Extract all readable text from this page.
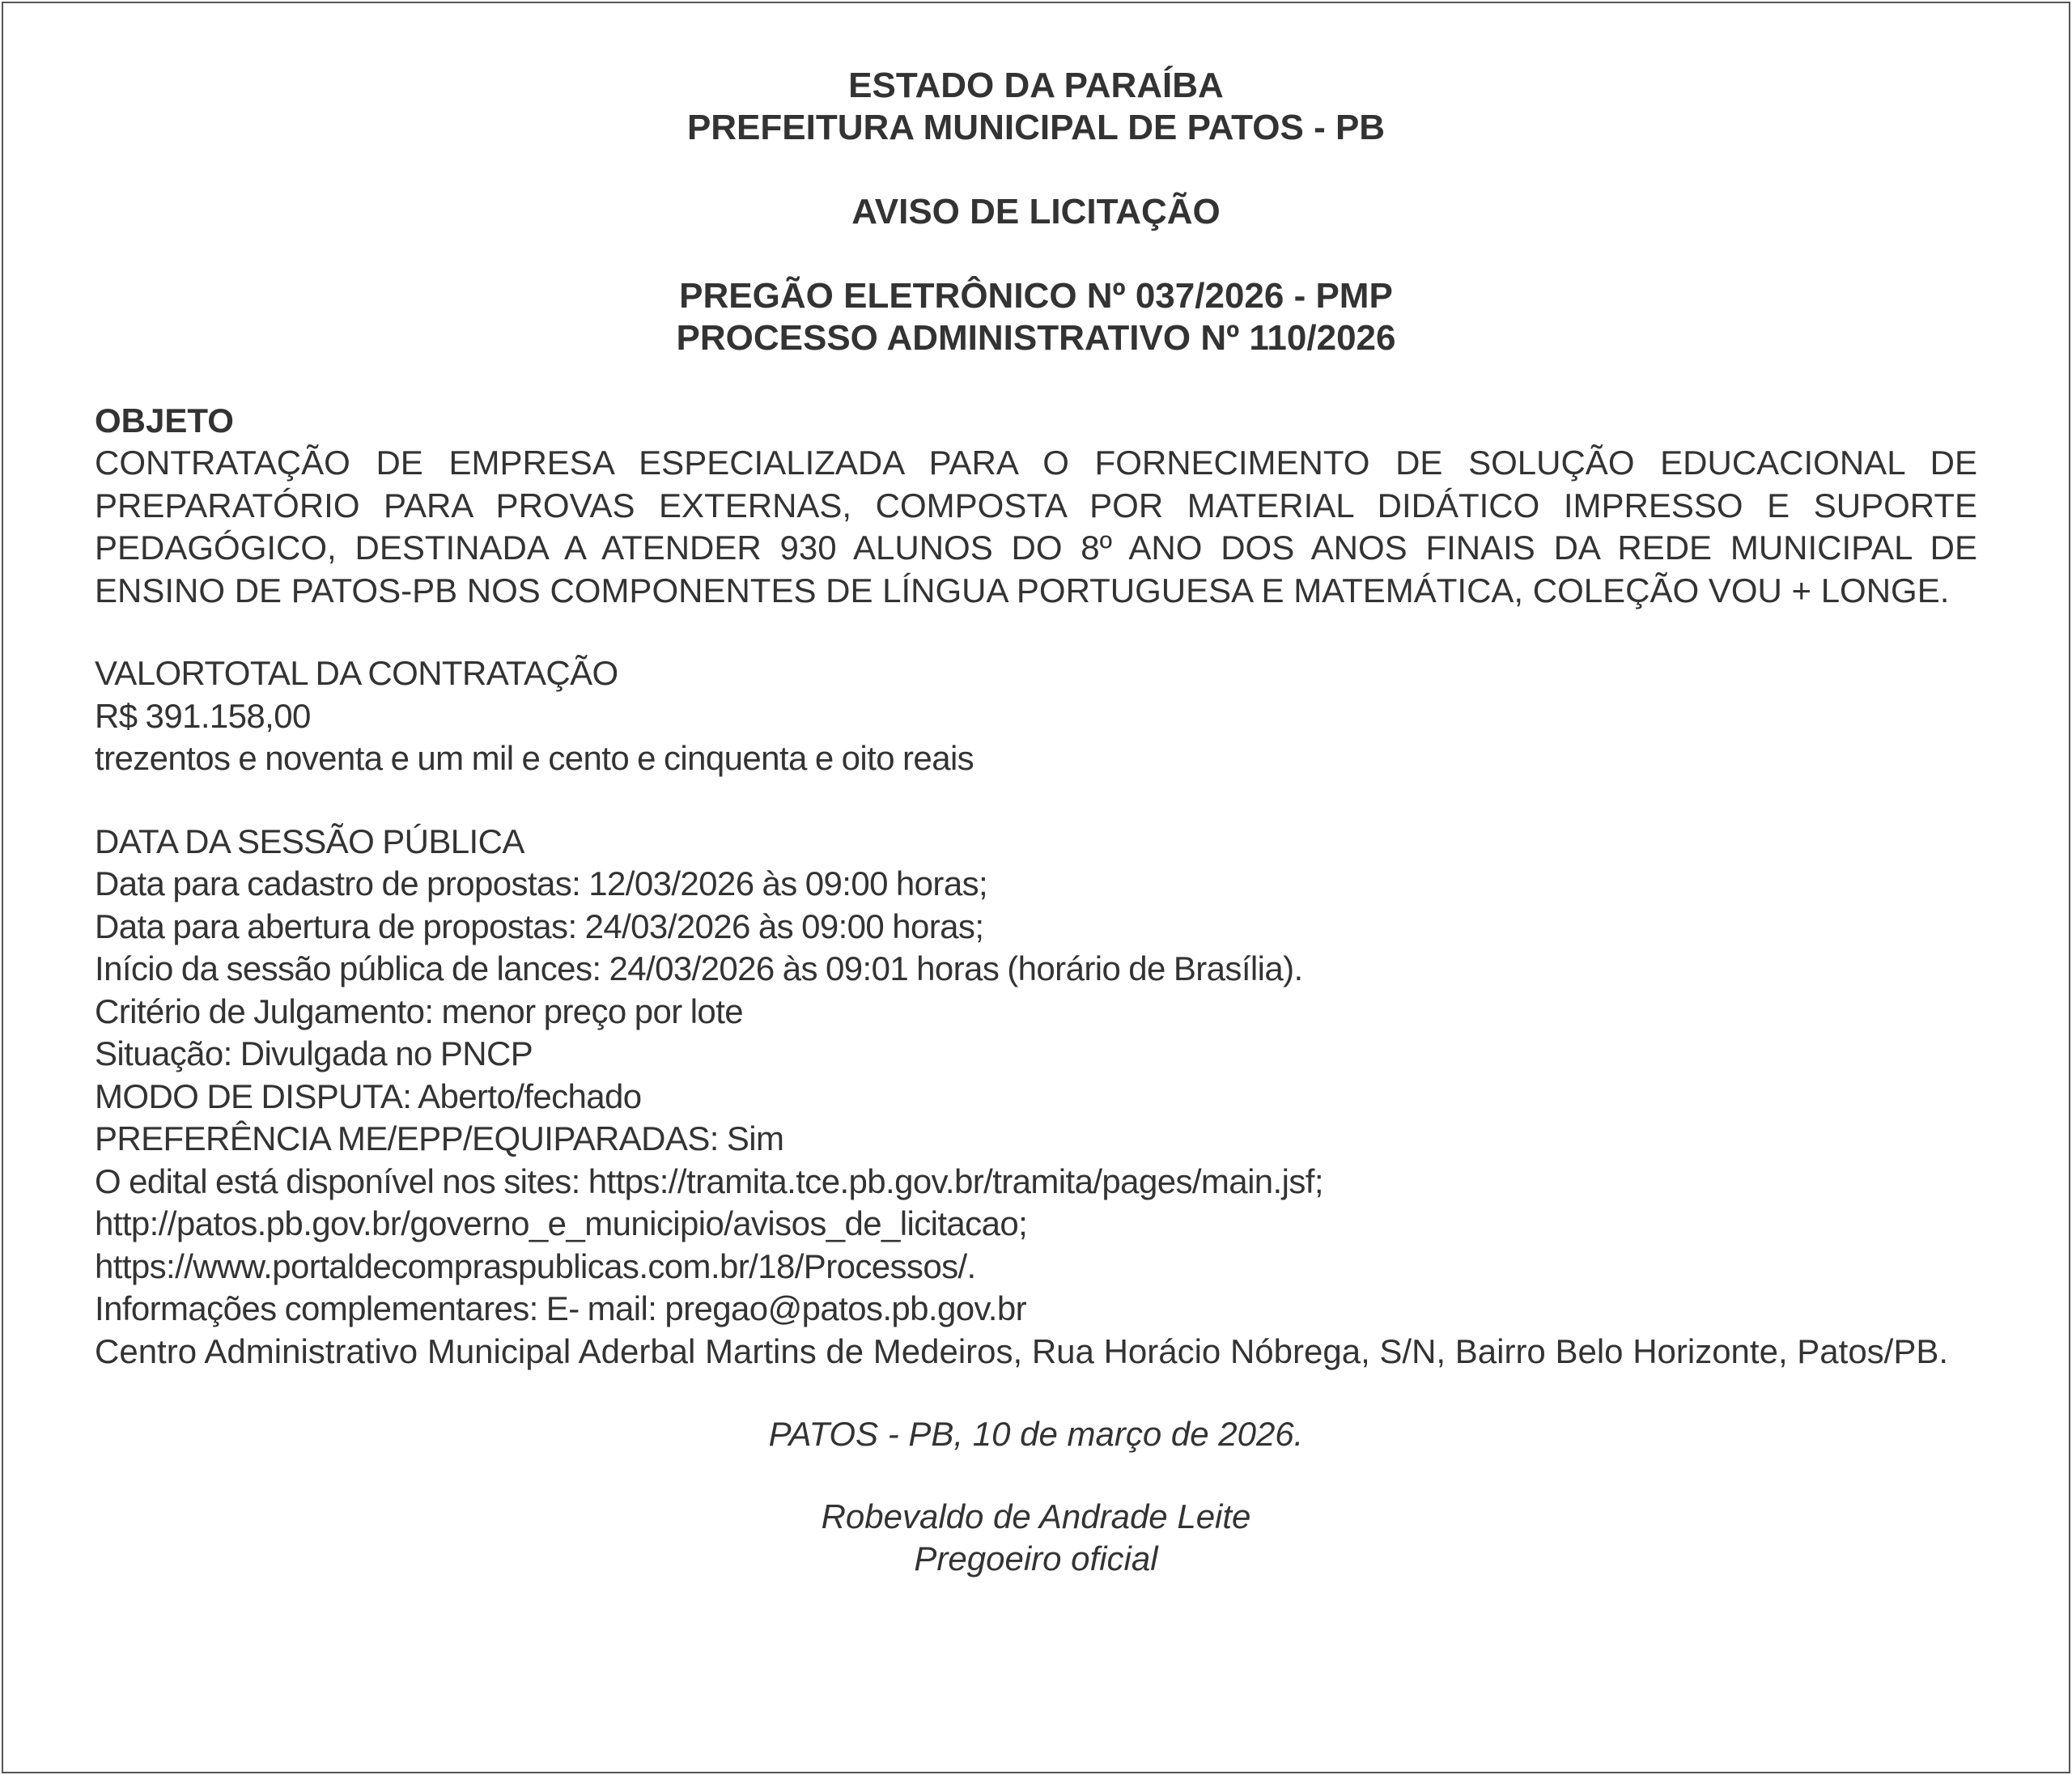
ESTADO DA PARAÍBA

PREFEITURA MUNICIPAL DE PATOS - PB

AVISO DE LICITAÇÃO

PREGÃO ELETRÔNICO Nº 037/2026 - PMP

PROCESSO ADMINISTRATIVO Nº 110/2026

OBJETO

CONTRATAÇÃO DE EMPRESA ESPECIALIZADA PARA O FORNECIMENTO DE SOLUÇÃO EDUCACIONAL DE PREPARATÓRIO PARA PROVAS EXTERNAS, COMPOSTA POR MATERIAL DIDÁTICO IMPRESSO E SUPORTE PEDAGÓGICO, DESTINADA A ATENDER 930 ALUNOS DO 8º ANO DOS ANOS FINAIS DA REDE MUNICIPAL DE ENSINO DE PATOS-PB NOS COMPONENTES DE LÍNGUA PORTUGUESA E MATEMÁTICA, COLEÇÃO VOU + LONGE.

VALORTOTAL DA CONTRATAÇÃO

R$ 391.158,00

trezentos e noventa e um mil e cento e cinquenta e oito reais

DATA DA SESSÃO PÚBLICA

Data para cadastro de propostas: 12/03/2026 às 09:00 horas;

Data para abertura de propostas: 24/03/2026 às 09:00 horas;

Início da sessão pública de lances: 24/03/2026 às 09:01 horas (horário de Brasília).

Critério de Julgamento: menor preço por lote

Situação: Divulgada no PNCP

MODO DE DISPUTA: Aberto/fechado

PREFERÊNCIA ME/EPP/EQUIPARADAS: Sim

O edital está disponível nos sites: https://tramita.tce.pb.gov.br/tramita/pages/main.jsf;

http://patos.pb.gov.br/governo_e_municipio/avisos_de_licitacao;

https://www.portaldecompraspublicas.com.br/18/Processos/.

Informações complementares: E- mail: pregao@patos.pb.gov.br

Centro Administrativo Municipal Aderbal Martins de Medeiros, Rua Horácio Nóbrega, S/N, Bairro Belo Horizonte, Patos/PB.

PATOS - PB, 10 de março de 2026.

Robevaldo de Andrade Leite

Pregoeiro oficial
